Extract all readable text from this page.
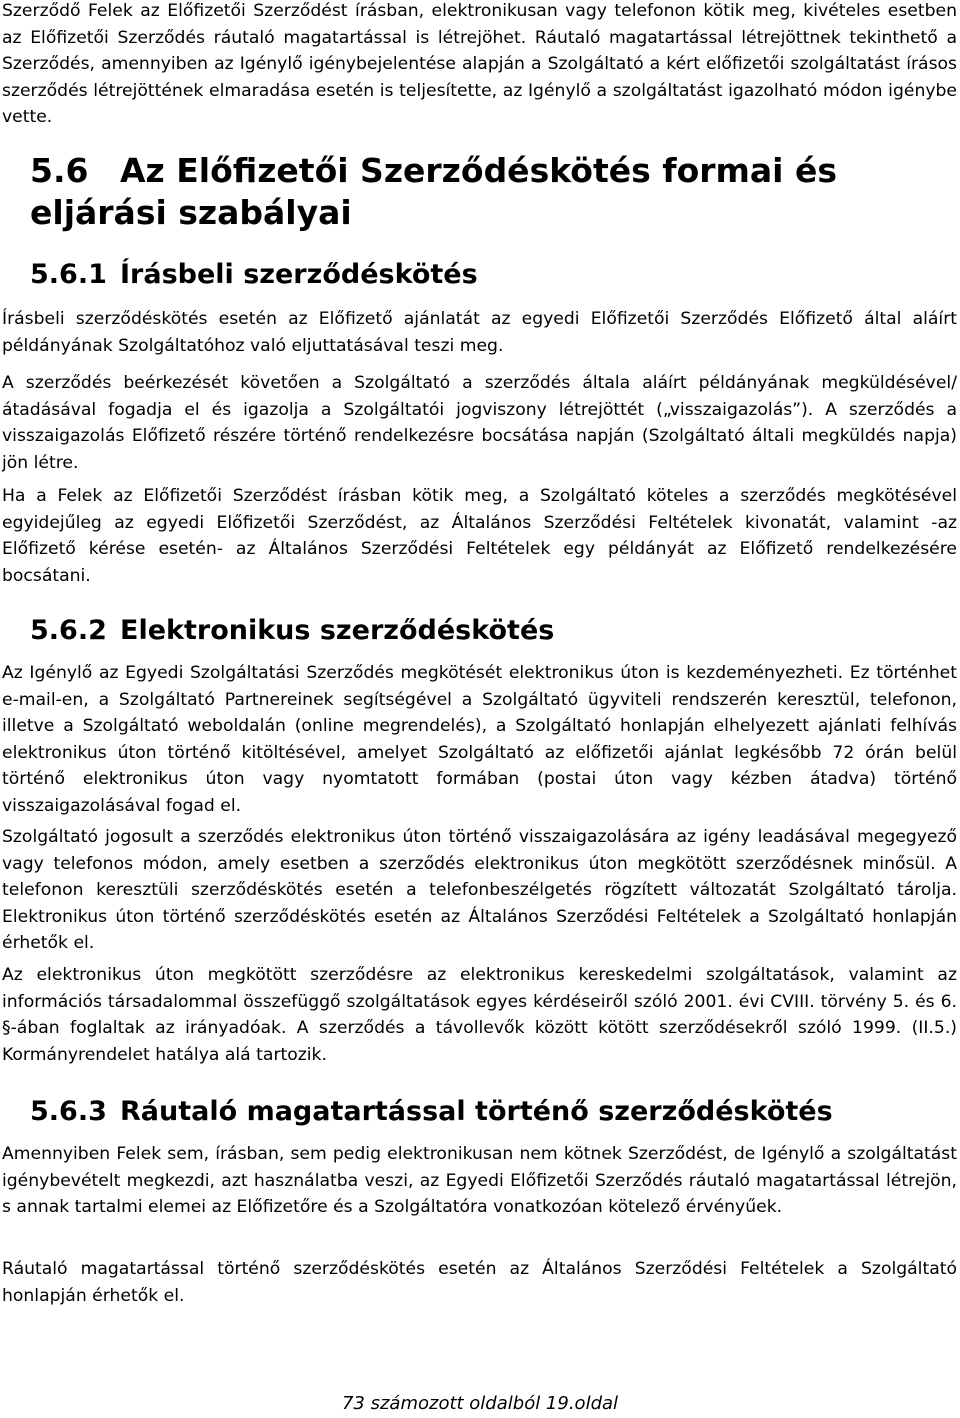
Szerződő Felek az Előfizetői Szerződést írásban, elektronikusan vagy telefonon kötik meg, kivételes esetben az Előfizetői Szerződés ráutaló magatartással is létrejöhet. Ráutaló magatartással létrejöttnek tekinthető a Szerződés, amennyiben az Igénylő igénybejelentése alapján a Szolgáltató a kért előfizetői szolgáltatást írásos szerződés létrejöttének elmaradása esetén is teljesítette, az Igénylő a szolgáltatást igazolható módon igénybe vette.

5.6 Az Előfizetői Szerződéskötés formai és eljárási szabályai
5.6.1 Írásbeli szerződéskötés

Írásbeli szerződéskötés esetén az Előfizető ajánlatát az egyedi Előfizetői Szerződés Előfizető által aláírt példányának Szolgáltatóhoz való eljuttatásával teszi meg.

A szerződés beérkezését követően a Szolgáltató a szerződés általa aláírt példányának megküldésével/átadásával fogadja el és igazolja a Szolgáltatói jogviszony létrejöttét („visszaigazolás”). A szerződés a visszaigazolás Előfizető részére történő rendelkezésre bocsátása napján (Szolgáltató általi megküldés napja) jön létre.

Ha a Felek az Előfizetői Szerződést írásban kötik meg, a Szolgáltató köteles a szerződés megkötésével egyidejűleg az egyedi Előfizetői Szerződést, az Általános Szerződési Feltételek kivonatát, valamint -az Előfizető kérése esetén- az Általános Szerződési Feltételek egy példányát az Előfizető rendelkezésére bocsátani.

5.6.2 Elektronikus szerződéskötés

Az Igénylő az Egyedi Szolgáltatási Szerződés megkötését elektronikus úton is kezdeményezheti. Ez történhet e-mail-en, a Szolgáltató Partnereinek segítségével a Szolgáltató ügyviteli rendszerén keresztül, telefonon, illetve a Szolgáltató weboldalán (online megrendelés), a Szolgáltató honlapján elhelyezett ajánlati felhívás elektronikus úton történő kitöltésével, amelyet Szolgáltató az előfizetői ajánlat legkésőbb 72 órán belül történő elektronikus úton vagy nyomtatott formában (postai úton vagy kézben átadva) történő visszaigazolásával fogad el.

Szolgáltató jogosult a szerződés elektronikus úton történő visszaigazolására az igény leadásával megegyező vagy telefonos módon, amely esetben a szerződés elektronikus úton megkötött szerződésnek minősül. A telefonon keresztüli szerződéskötés esetén a telefonbeszélgetés rögzített változatát Szolgáltató tárolja. Elektronikus úton történő szerződéskötés esetén az Általános Szerződési Feltételek a Szolgáltató honlapján érhetők el.

Az elektronikus úton megkötött szerződésre az elektronikus kereskedelmi szolgáltatások, valamint az információs társadalommal összefüggő szolgáltatások egyes kérdéseiről szóló 2001. évi CVIII. törvény 5. és 6. §-ában foglaltak az irányadóak. A szerződés a távollevők között kötött szerződésekről szóló 1999. (II.5.) Kormányrendelet hatálya alá tartozik.

5.6.3 Ráutaló magatartással történő szerződéskötés

Amennyiben Felek sem, írásban, sem pedig elektronikusan nem kötnek Szerződést, de Igénylő a szolgáltatást igénybevételt megkezdi, azt használatba veszi, az Egyedi Előfizetői Szerződés ráutaló magatartással létrejön, s annak tartalmi elemei az Előfizetőre és a Szolgáltatóra vonatkozóan kötelező érvényűek.

Ráutaló magatartással történő szerződéskötés esetén az Általános Szerződési Feltételek a Szolgáltató honlapján érhetők el.

73 számozott oldalból 19.oldal
